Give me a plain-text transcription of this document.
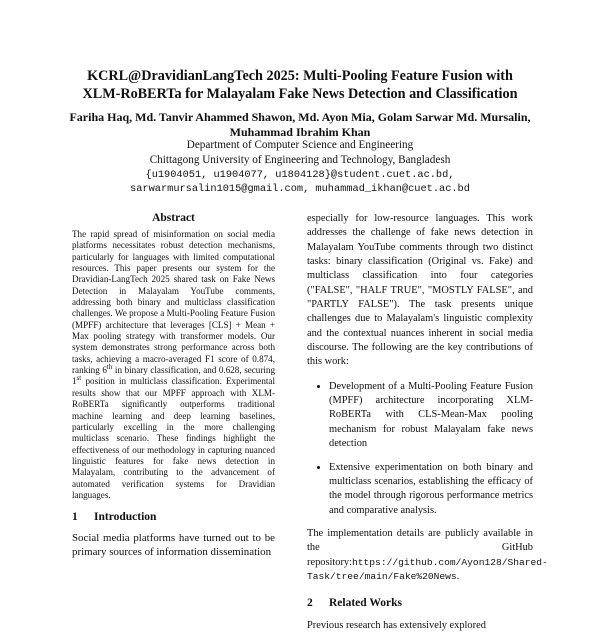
KCRL@DravidianLangTech 2025: Multi-Pooling Feature Fusion with
XLM-RoBERTa for Malayalam Fake News Detection and Classification
Fariha Haq, Md. Tanvir Ahammed Shawon, Md. Ayon Mia, Golam Sarwar Md. Mursalin,
Muhammad Ibrahim Khan
Department of Computer Science and Engineering
Chittagong University of Engineering and Technology, Bangladesh
{u1904051, u1904077, u1804128}@student.cuet.ac.bd,
sarwarmursalin1015@gmail.com, muhammad_ikhan@cuet.ac.bd
Abstract
The rapid spread of misinformation on social media platforms necessitates robust detection mechanisms, particularly for languages with limited computational resources. This paper presents our system for the Dravidian-LangTech 2025 shared task on Fake News Detection in Malayalam YouTube comments, addressing both binary and multiclass classification challenges. We propose a Multi-Pooling Feature Fusion (MPFF) architecture that leverages [CLS] + Mean + Max pooling strategy with transformer models. Our system demonstrates strong performance across both tasks, achieving a macro-averaged F1 score of 0.874, ranking 6th in binary classification, and 0.628, securing 1st position in multiclass classification. Experimental results show that our MPFF approach with XLM-RoBERTa significantly outperforms traditional machine learning and deep learning baselines, particularly excelling in the more challenging multiclass scenario. These findings highlight the effectiveness of our methodology in capturing nuanced linguistic features for fake news detection in Malayalam, contributing to the advancement of automated verification systems for Dravidian languages.
1 Introduction
Social media platforms have turned out to be primary sources of information dissemination

especially for low-resource languages. This work addresses the challenge of fake news detection in Malayalam YouTube comments through two distinct tasks: binary classification (Original vs. Fake) and multiclass classification into four categories ("FALSE", "HALF TRUE", "MOSTLY FALSE", and "PARTLY FALSE"). The task presents unique challenges due to Malayalam's linguistic complexity and the contextual nuances inherent in social media discourse. The following are the key contributions of this work:

• Development of a Multi-Pooling Feature Fusion (MPFF) architecture incorporating XLM-RoBERTa with CLS-Mean-Max pooling mechanism for robust Malayalam fake news detection
• Extensive experimentation on both binary and multiclass scenarios, establishing the efficacy of the model through rigorous performance metrics and comparative analysis.

The implementation details are publicly available in the GitHub repository:https://github.com/Ayon128/Shared-Task/tree/main/Fake%20News.

2 Related Works

Previous research has extensively explored
